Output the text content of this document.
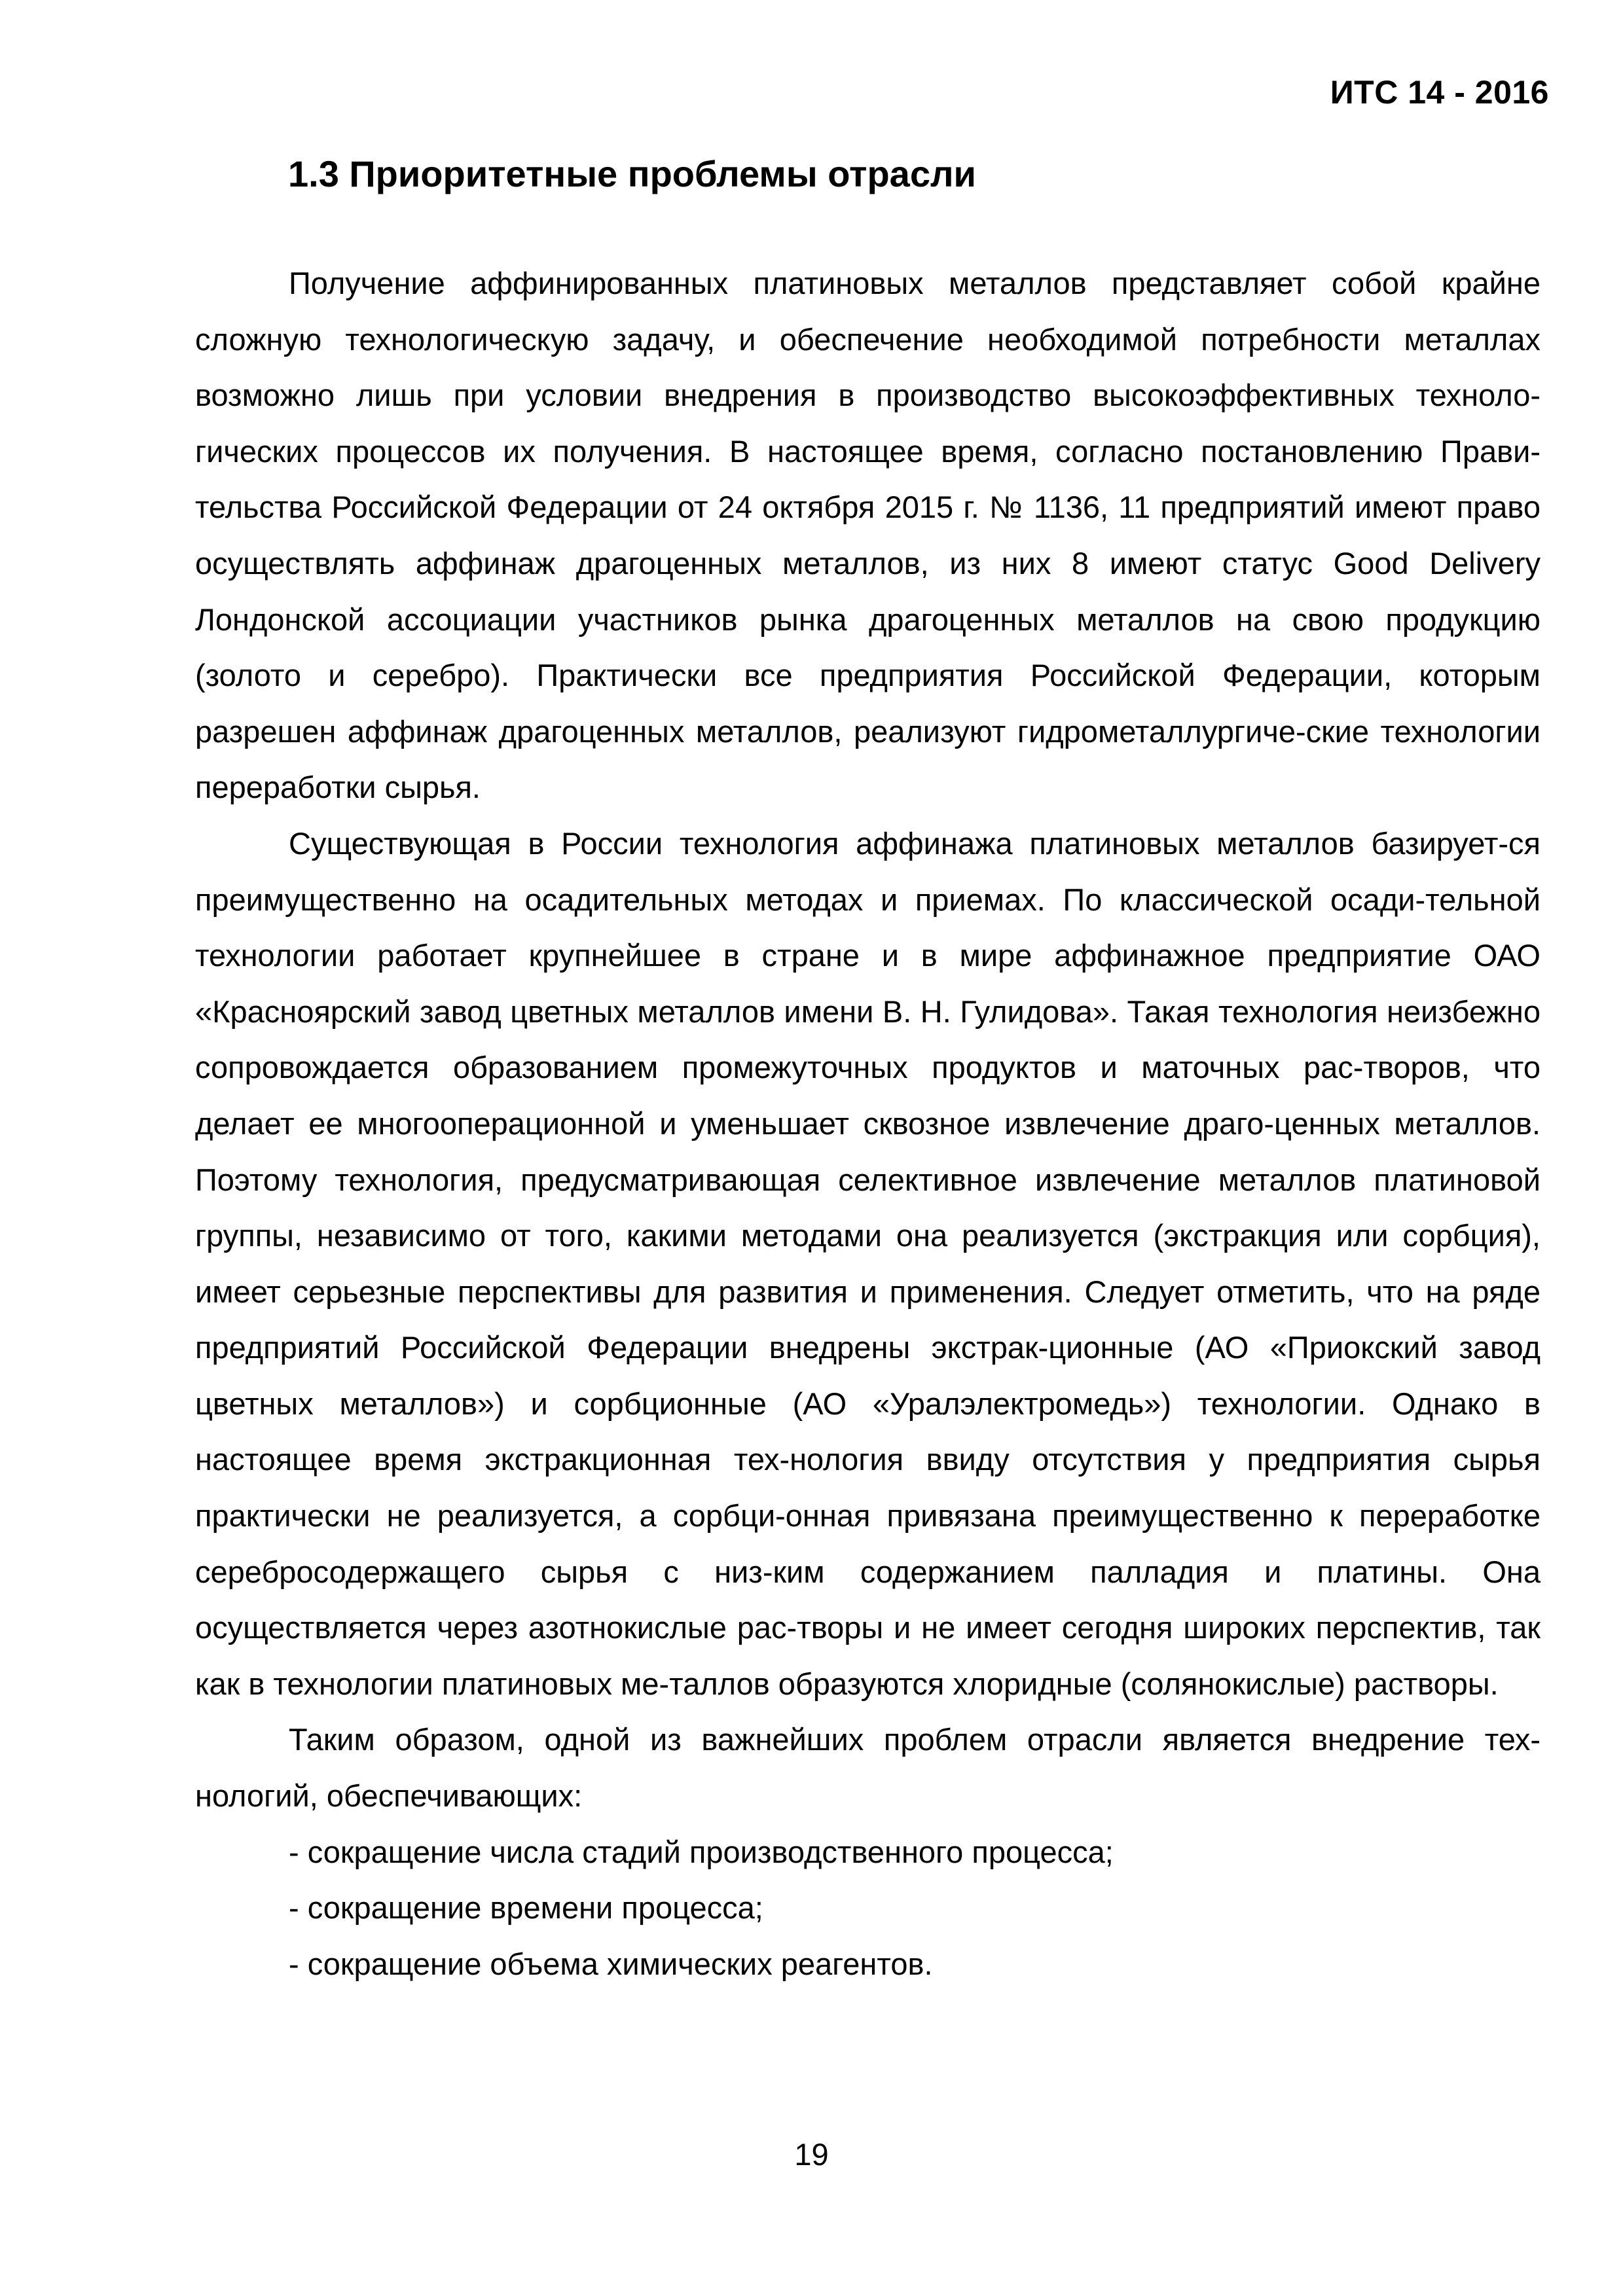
ИТС 14 - 2016
1.3 Приоритетные проблемы отрасли

Получение аффинированных платиновых металлов представляет собой крайне сложную технологическую задачу, и обеспечение необходимой потребности металлах возможно лишь при условии внедрения в производство высокоэффективных техноло-гических процессов их получения. В настоящее время, согласно постановлению Прави-тельства Российской Федерации от 24 октября 2015 г. № 1136, 11 предприятий имеют право осуществлять аффинаж драгоценных металлов, из них 8 имеют статус Good Delivery Лондонской ассоциации участников рынка драгоценных металлов на свою продукцию (золото и серебро). Практически все предприятия Российской Федерации, которым разрешен аффинаж драгоценных металлов, реализуют гидрометаллургиче-ские технологии переработки сырья.

Существующая в России технология аффинажа платиновых металлов базирует-ся преимущественно на осадительных методах и приемах. По классической осади-тельной технологии работает крупнейшее в стране и в мире аффинажное предприятие ОАО «Красноярский завод цветных металлов имени В. Н. Гулидова». Такая технология неизбежно сопровождается образованием промежуточных продуктов и маточных рас-творов, что делает ее многооперационной и уменьшает сквозное извлечение драго-ценных металлов. Поэтому технология, предусматривающая селективное извлечение металлов платиновой группы, независимо от того, какими методами она реализуется (экстракция или сорбция), имеет серьезные перспективы для развития и применения. Следует отметить, что на ряде предприятий Российской Федерации внедрены экстрак-ционные (АО «Приокский завод цветных металлов») и сорбционные (АО «Уралэлектромедь») технологии. Однако в настоящее время экстракционная тех-нология ввиду отсутствия у предприятия сырья практически не реализуется, а сорбци-онная привязана преимущественно к переработке серебросодержащего сырья с низ-ким содержанием палладия и платины. Она осуществляется через азотнокислые рас-творы и не имеет сегодня широких перспектив, так как в технологии платиновых ме-таллов образуются хлоридные (солянокислые) растворы.

Таким образом, одной из важнейших проблем отрасли является внедрение тех-нологий, обеспечивающих:

- сокращение числа стадий производственного процесса;
- сокращение времени процесса;
- сокращение объема химических реагентов.
19
